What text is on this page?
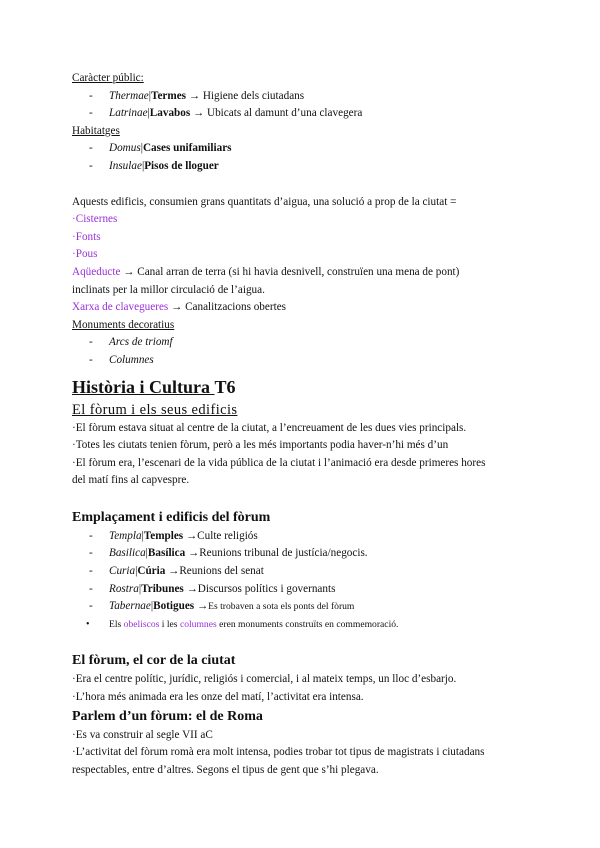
Caràcter públic:
- Thermae|Termes → Higiene dels ciutadans
- Latrinae|Lavabos → Ubicats al damunt d’una clavegera
Habitatges
- Domus|Cases unifamiliars
- Insulae|Pisos de lloguer
Aquests edificis, consumien grans quantitats d’aigua, una solució a prop de la ciutat =
·Cisternes
·Fonts
·Pous
Aqüeducte → Canal arran de terra (si hi havia desnivell, construïen una mena de pont)
inclinats per la millor circulació de l’aigua.
Xarxa de clavegueres → Canalitzacions obertes
Monuments decoratius
- Arcs de triomf
- Columnes
Història i Cultura T6
El fòrum i els seus edificis
·El fòrum estava situat al centre de la ciutat, a l’encreuament de les dues vies principals.
·Totes les ciutats tenien fòrum, però a les més importants podia haver-n’hi més d’un
·El fòrum era, l’escenari de la vida pública de la ciutat i l’animació era desde primeres hores
del matí fins al capvespre.
Emplaçament i edificis del fòrum
- Templa|Temples →Culte religiós
- Basilica|Basílica →Reunions tribunal de justícia/negocis.
- Curia|Cúria →Reunions del senat
- Rostra|Tribunes →Discursos polítics i governants
- Tabernae|Botigues →Es trobaven a sota els ponts del fòrum
• Els obeliscos i les columnes eren monuments construïts en commemoració.
El fòrum, el cor de la ciutat
·Era el centre polític, jurídic, religiós i comercial, i al mateix temps, un lloc d’esbarjo.
·L’hora més animada era les onze del matí, l’activitat era intensa.
Parlem d’un fòrum: el de Roma
·Es va construir al segle VII aC
·L’activitat del fòrum romà era molt intensa, podies trobar tot tipus de magistrats i ciutadans
respectables, entre d’altres. Segons el tipus de gent que s’hi plegava.
